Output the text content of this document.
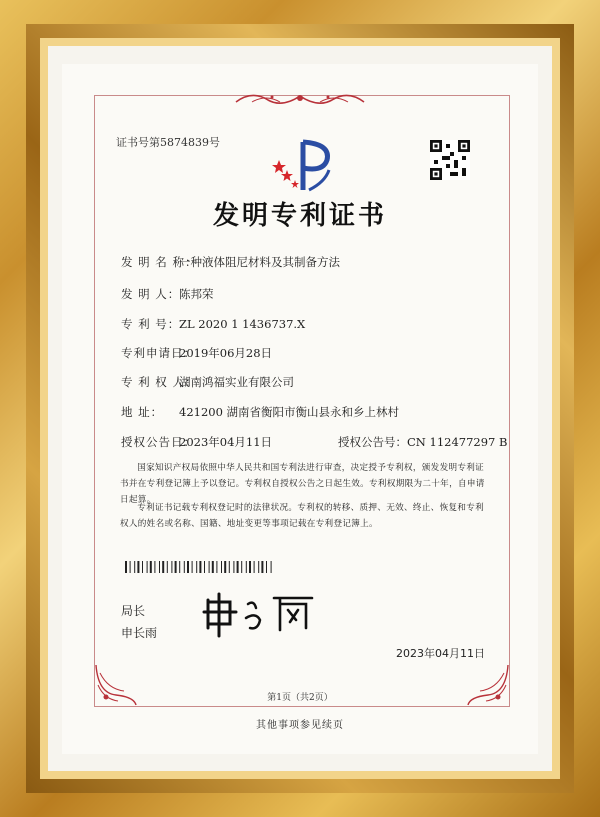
证书号第5874839号
发明专利证书
发 明 名 称：一种液体阻尼材料及其制备方法
发 明 人：陈邦荣
专 利 号：ZL 2020 1 1436737.X
专利申请日：2019年06月28日
专 利 权 人：湖南鸿福实业有限公司
地 址： 421200 湖南省衡阳市衡山县永和乡上林村
授权公告日：2023年04月11日	授权公告号：CN 112477297 B
国家知识产权局依照中华人民共和国专利法进行审查，决定授予专利权，颁发发明专利证书并在专利登记簿上予以登记。专利权自授权公告之日起生效。专利权期限为二十年，自申请日起算。
专利证书记载专利权登记时的法律状况。专利权的转移、质押、无效、终止、恢复和专利权人的姓名或名称、国籍、地址变更等事项记载在专利登记簿上。
局长
申长雨
2023年04月11日
第1页（共2页）
其他事项参见续页
